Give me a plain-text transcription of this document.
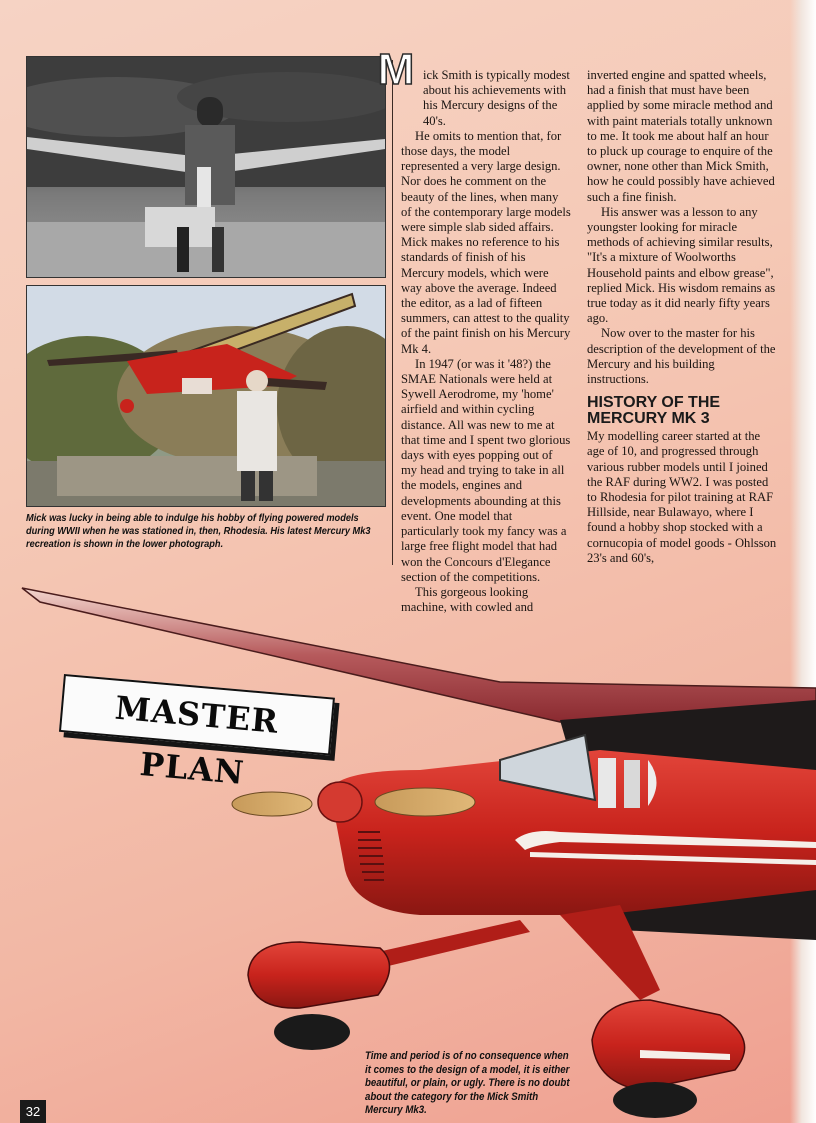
Mick was lucky in being able to indulge his hobby of flying powered models during WWII when he was stationed in, then, Rhodesia. His latest Mercury Mk3 recreation is shown in the lower photograph.
M ick Smith is typically modest about his achievements with his Mercury designs of the 40's.

He omits to mention that, for those days, the model represented a very large design. Nor does he comment on the beauty of the lines, when many of the contemporary large models were simple slab sided affairs. Mick makes no reference to his standards of finish of his Mercury models, which were way above the average. Indeed the editor, as a lad of fifteen summers, can attest to the quality of the paint finish on his Mercury Mk 4.

In 1947 (or was it '48?) the SMAE Nationals were held at Sywell Aerodrome, my 'home' airfield and within cycling distance. All was new to me at that time and I spent two glorious days with eyes popping out of my head and trying to take in all the models, engines and developments abounding at this event. One model that particularly took my fancy was a large free flight model that had won the Concours d'Elegance section of the competitions.

This gorgeous looking machine, with cowled and

inverted engine and spatted wheels, had a finish that must have been applied by some miracle method and with paint materials totally unknown to me. It took me about half an hour to pluck up courage to enquire of the owner, none other than Mick Smith, how he could possibly have achieved such a fine finish.

His answer was a lesson to any youngster looking for miracle methods of achieving similar results, "It's a mixture of Woolworths Household paints and elbow grease", replied Mick. His wisdom remains as true today as it did nearly fifty years ago.

Now over to the master for his description of the development of the Mercury and his building instructions.

HISTORY OF THE MERCURY MK 3

My modelling career started at the age of 10, and progressed through various rubber models until I joined the RAF during WW2. I was posted to Rhodesia for pilot training at RAF Hillside, near Bulawayo, where I found a hobby shop stocked with a cornucopia of model goods - Ohlsson 23's and 60's,

MASTER PLAN
Time and period is of no consequence when it comes to the design of a model, it is either beautiful, or plain, or ugly. There is no doubt about the category for the Mick Smith Mercury Mk3.
32
